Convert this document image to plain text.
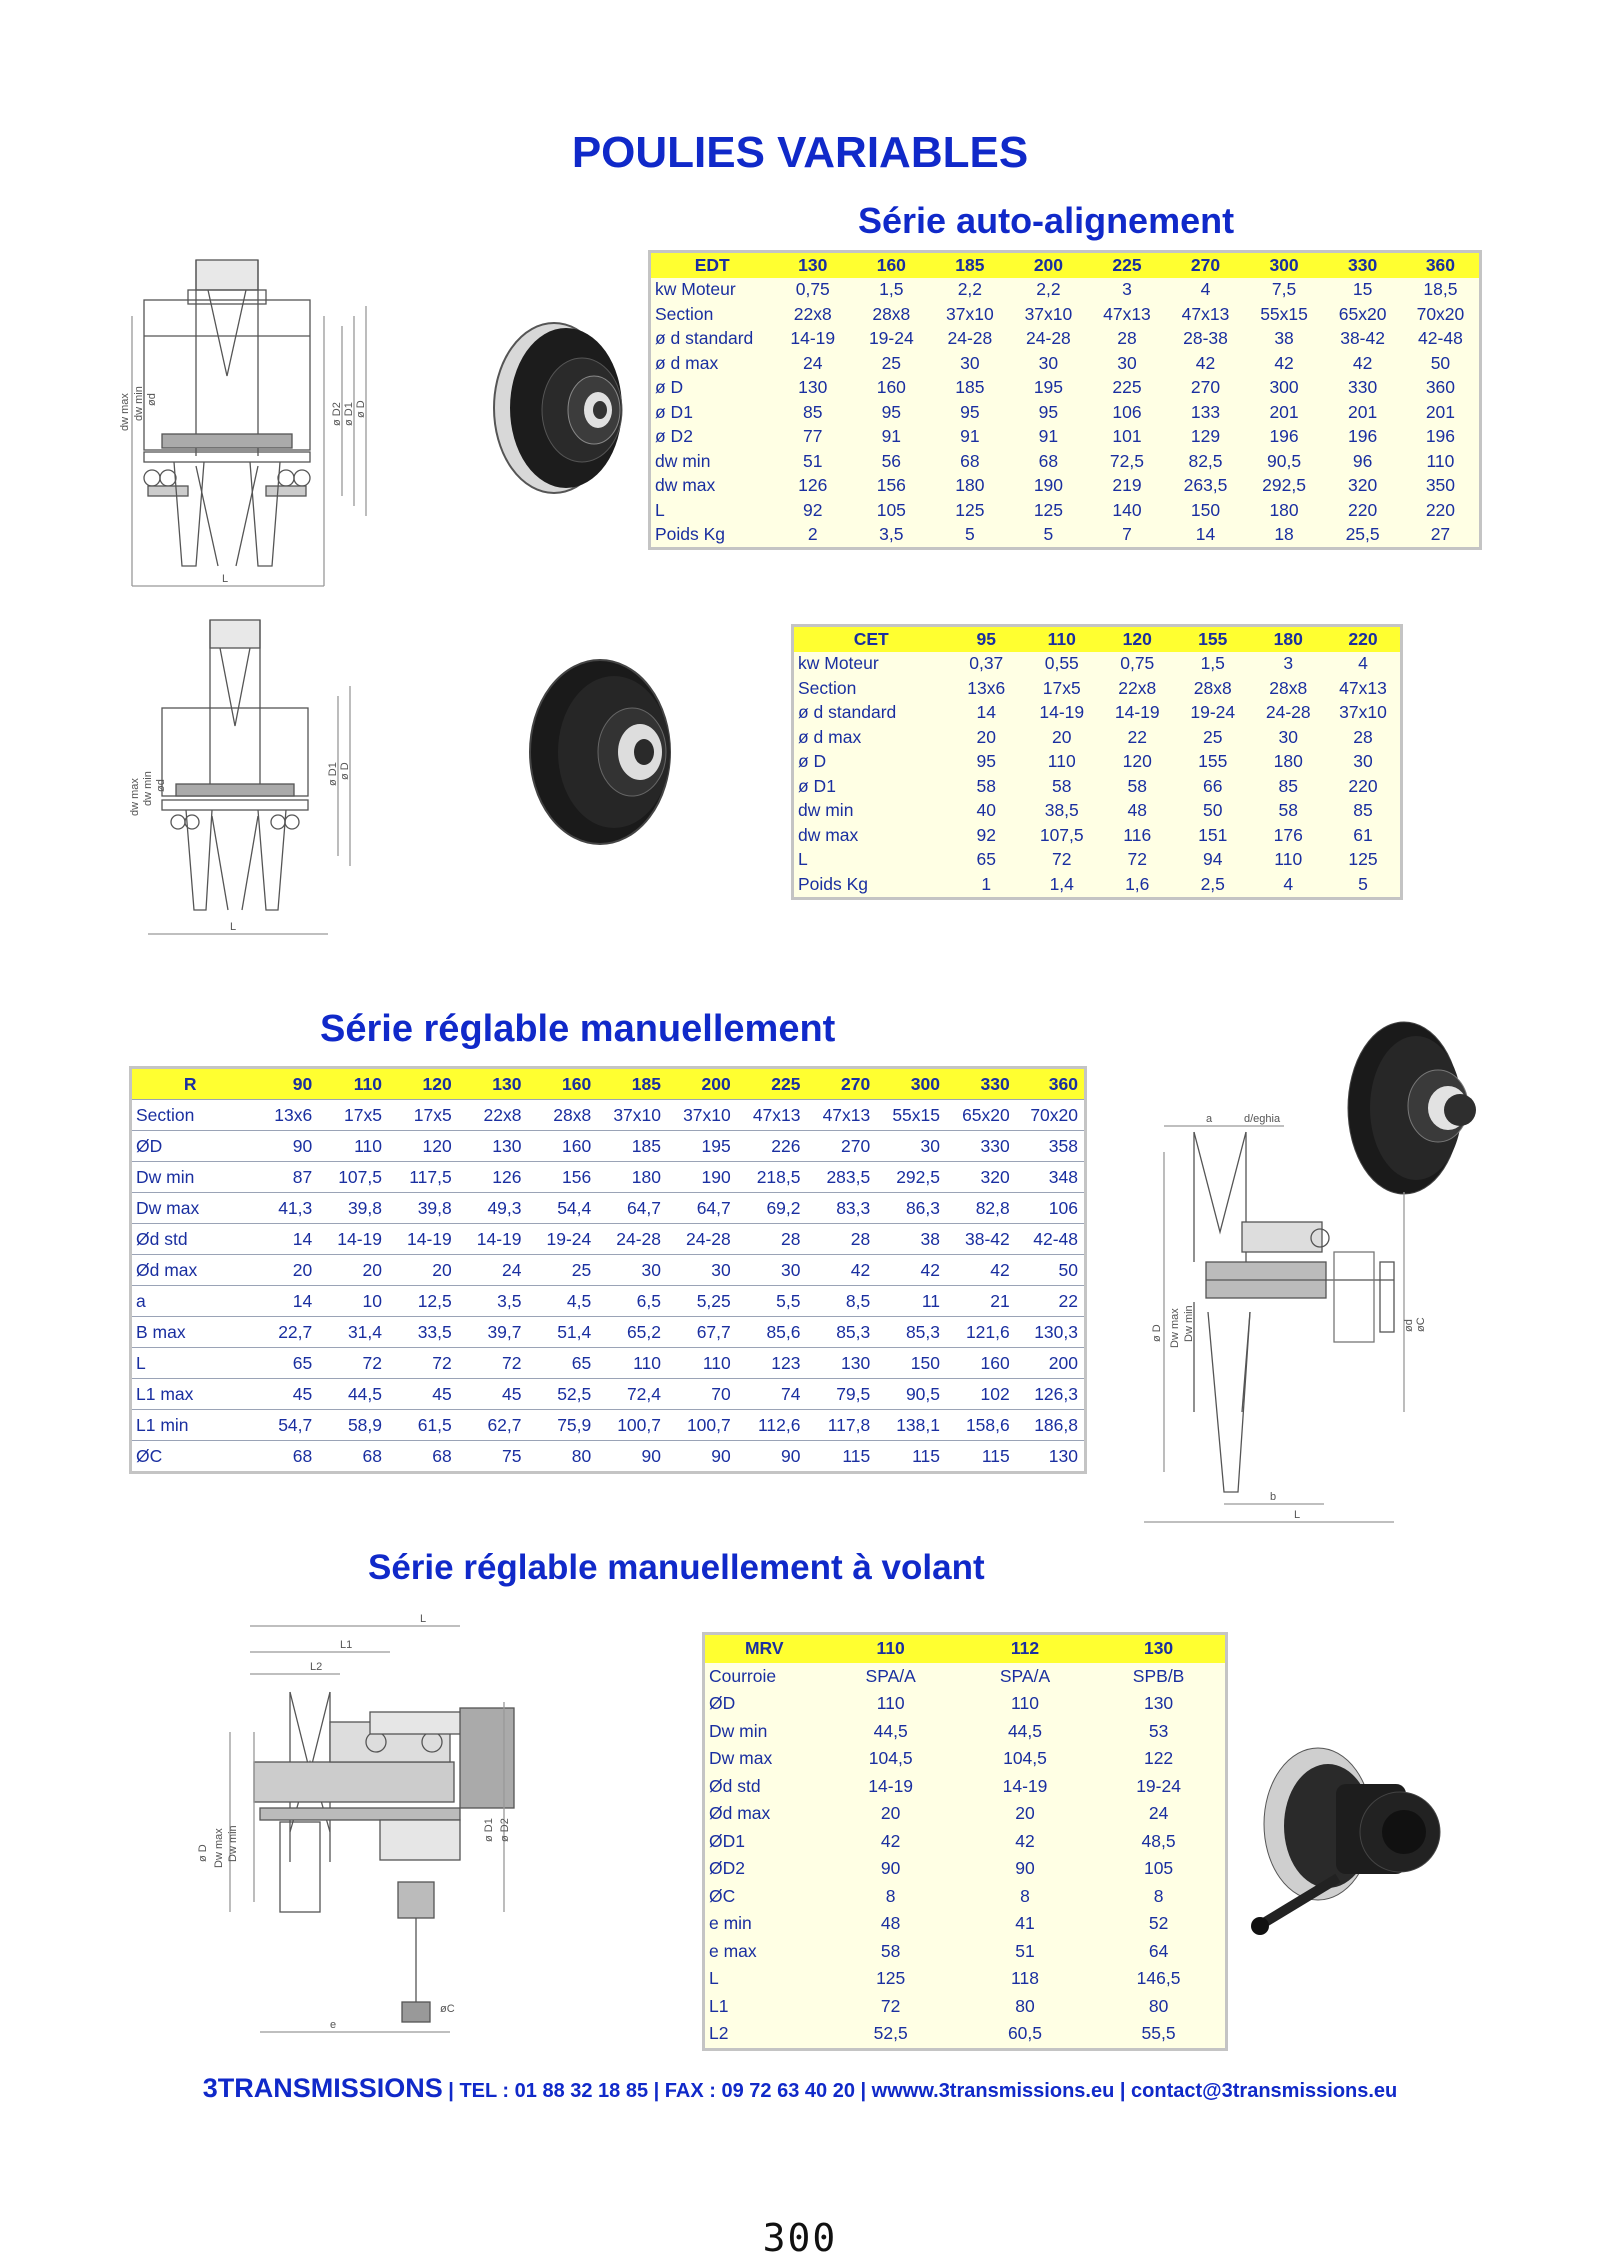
POULIES VARIABLES
Série auto-alignement
dw max dw min ød
ø D2 ø D1 ø D
L
EDT	130	160	185	200	225	270	300	330	360
kw Moteur	0,75	1,5	2,2	2,2	3	4	7,5	15	18,5
Section	22x8	28x8	37x10	37x10	47x13	47x13	55x15	65x20	70x20
ø d standard	14-19	19-24	24-28	24-28	28	28-38	38	38-42	42-48
ø d max	24	25	30	30	30	42	42	42	50
ø D	130	160	185	195	225	270	300	330	360
ø D1	85	95	95	95	106	133	201	201	201
ø D2	77	91	91	91	101	129	196	196	196
dw min	51	56	68	68	72,5	82,5	90,5	96	110
dw max	126	156	180	190	219	263,5	292,5	320	350
L	92	105	125	125	140	150	180	220	220
Poids Kg	2	3,5	5	5	7	14	18	25,5	27
dw max dw min ød	ø D1 ø D
L
CET	95	110	120	155	180	220
kw Moteur	0,37	0,55	0,75	1,5	3	4
Section	13x6	17x5	22x8	28x8	28x8	47x13
ø d standard	14	14-19	14-19	19-24	24-28	37x10
ø d max	20	20	22	25	30	28
ø D	95	110	120	155	180	30
ø D1	58	58	58	66	85	220
dw min	40	38,5	48	50	58	85
dw max	92	107,5	116	151	176	61
L	65	72	72	94	110	125
Poids Kg	1	1,4	1,6	2,5	4	5
Série réglable manuellement
R	90	110	120	130	160	185	200	225	270	300	330	360
Section	13x6	17x5	17x5	22x8	28x8	37x10	37x10	47x13	47x13	55x15	65x20	70x20
ØD	90	110	120	130	160	185	195	226	270	30	330	358
Dw min	87	107,5	117,5	126	156	180	190	218,5	283,5	292,5	320	348
Dw max	41,3	39,8	39,8	49,3	54,4	64,7	64,7	69,2	83,3	86,3	82,8	106
Ød std	14	14-19	14-19	14-19	19-24	24-28	24-28	28	28	38	38-42	42-48
Ød max	20	20	20	24	25	30	30	30	42	42	42	50
a	14	10	12,5	3,5	4,5	6,5	5,25	5,5	8,5	11	21	22
B max	22,7	31,4	33,5	39,7	51,4	65,2	67,7	85,6	85,3	85,3	121,6	130,3
L	65	72	72	72	65	110	110	123	130	150	160	200
L1 max	45	44,5	45	45	52,5	72,4	70	74	79,5	90,5	102	126,3
L1 min	54,7	58,9	61,5	62,7	75,9	100,7	100,7	112,6	117,8	138,1	158,6	186,8
ØC	68	68	68	75	80	90	90	90	115	115	115	130
a	d/eghia
ø D Dw max Dw min	ød øC
b
L
Série réglable manuellement à volant
L
L1
L2
ø D Dw max Dw min	ø D1 ø D2
øC
e
MRV	110	112	130
Courroie	SPA/A	SPA/A	SPB/B
ØD	110	110	130
Dw min	44,5	44,5	53
Dw max	104,5	104,5	122
Ød std	14-19	14-19	19-24
Ød max	20	20	24
ØD1	42	42	48,5
ØD2	90	90	105
ØC	8	8	8
e min	48	41	52
e max	58	51	64
L	125	118	146,5
L1	72	80	80
L2	52,5	60,5	55,5
3TRANSMISSIONS | TEL : 01 88 32 18 85 | FAX : 09 72 63 40 20 | wwww.3transmissions.eu | contact@3transmissions.eu
300
